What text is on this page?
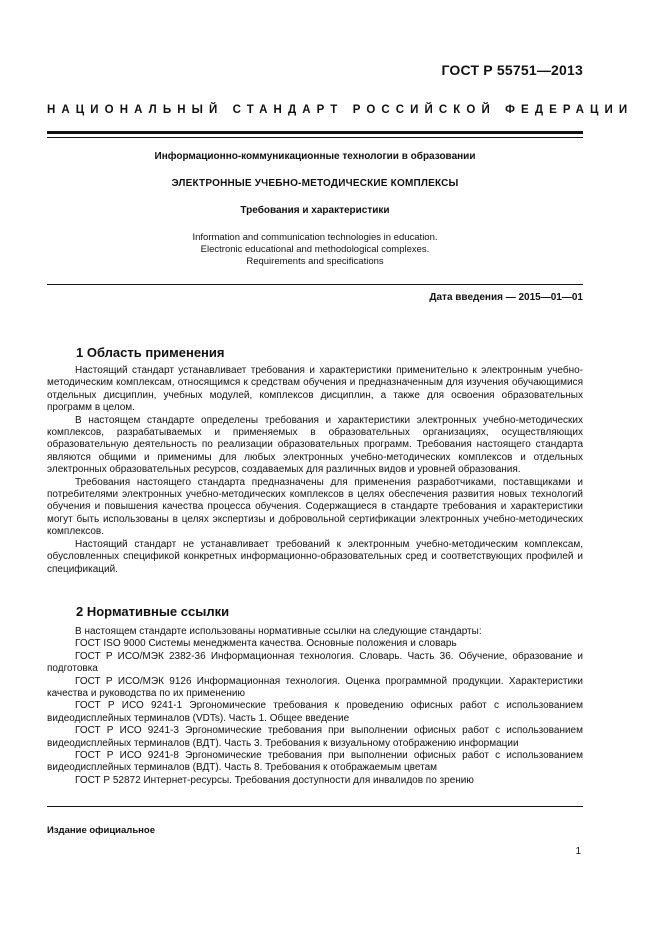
ГОСТ Р 55751—2013
НАЦИОНАЛЬНЫЙ СТАНДАРТ РОССИЙСКОЙ ФЕДЕРАЦИИ
Информационно-коммуникационные технологии в образовании
ЭЛЕКТРОННЫЕ УЧЕБНО-МЕТОДИЧЕСКИЕ КОМПЛЕКСЫ
Требования и характеристики
Information and communication technologies in education.
Electronic educational and methodological complexes.
Requirements and specifications
Дата введения — 2015—01—01
1 Область применения

Настоящий стандарт устанавливает требования и характеристики применительно к электронным учебно-методическим комплексам, относящимся к средствам обучения и предназначенным для изучения обучающимися отдельных дисциплин, учебных модулей, комплексов дисциплин, а также для освоения образовательных программ в целом.

В настоящем стандарте определены требования и характеристики электронных учебно-методических комплексов, разрабатываемых и применяемых в образовательных организациях, осуществляющих образовательную деятельность по реализации образовательных программ. Требования настоящего стандарта являются общими и применимы для любых электронных учебно-методических комплексов и отдельных электронных образовательных ресурсов, создаваемых для различных видов и уровней образования.

Требования настоящего стандарта предназначены для применения разработчиками, поставщиками и потребителями электронных учебно-методических комплексов в целях обеспечения развития новых технологий обучения и повышения качества процесса обучения. Содержащиеся в стандарте требования и характеристики могут быть использованы в целях экспертизы и добровольной сертификации электронных учебно-методических комплексов.

Настоящий стандарт не устанавливает требований к электронным учебно-методическим комплексам, обусловленных спецификой конкретных информационно-образовательных сред и соответствующих профилей и спецификаций.

2 Нормативные ссылки

В настоящем стандарте использованы нормативные ссылки на следующие стандарты:

ГОСТ ISO 9000 Системы менеджмента качества. Основные положения и словарь

ГОСТ Р ИСО/МЭК 2382-36 Информационная технология. Словарь. Часть 36. Обучение, образование и подготовка

ГОСТ Р ИСО/МЭК 9126 Информационная технология. Оценка программной продукции. Характеристики качества и руководства по их применению

ГОСТ Р ИСО 9241-1 Эргономические требования к проведению офисных работ с использованием видеодисплейных терминалов (VDTs). Часть 1. Общее введение

ГОСТ Р ИСО 9241-3 Эргономические требования при выполнении офисных работ с использованием видеодисплейных терминалов (ВДТ). Часть 3. Требования к визуальному отображению информации

ГОСТ Р ИСО 9241-8 Эргономические требования при выполнении офисных работ с использованием видеодисплейных терминалов (ВДТ). Часть 8. Требования к отображаемым цветам

ГОСТ Р 52872 Интернет-ресурсы. Требования доступности для инвалидов по зрению

Издание официальное
1
